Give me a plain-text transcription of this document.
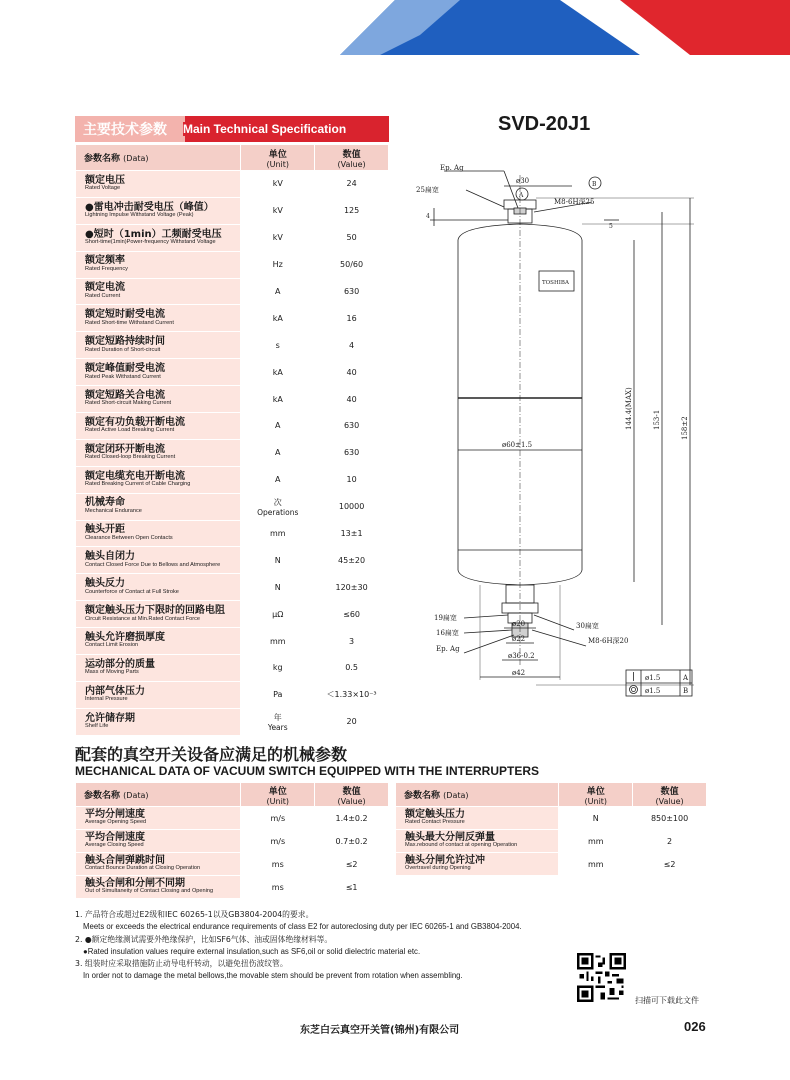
主要技术参数 Main Technical Specification
参数名称 (Data)	单位
(Unit)	数值
(Value)

额定电压
Rated Voltage	kV	24

●雷电冲击耐受电压（峰值）
Lightning Impulse Withstand Voltage (Peak)	kV	125

●短时（1min）工频耐受电压
Short-time(1min)Power-frequency Withstand Voltage	kV	50

额定频率
Rated Frequency	Hz	50/60

额定电流
Rated Current	A	630

额定短时耐受电流
Rated Short-time Withstand Current	kA	16

额定短路持续时间
Rated Duration of Short-circuit	s	4

额定峰值耐受电流
Rated Peak Withstand Current	kA	40

额定短路关合电流
Rated Short-circuit Making Current	kA	40

额定有功负载开断电流
Rated Active Load Breaking Current	A	630

额定闭环开断电流
Rated Closed-loop Breaking Current	A	630

额定电缆充电开断电流
Rated Breaking Current of Cable Charging	A	10

机械寿命
Mechanical Endurance	次
Operations	10000

触头开距
Clearance Between Open Contacts	mm	13±1

触头自闭力
Contact Closed Force Due to Bellows and Atmosphere	N	45±20

触头反力
Counterforce of Contact at Full Stroke	N	120±30

额定触头压力下限时的回路电阻
Circuit Resistance at Min.Rated Contact Force	μΩ	≤60

触头允许磨损厚度
Contact Limit Erosion	mm	3

运动部分的质量
Mass of Moving Parts	kg	0.5

内部气体压力
Internal Pressure	Pa	＜1.33×10⁻³

允许储存期
Shelf Life	年
Years	20
SVD-20J1
Ep. Ag
ø30
A
B
25扁宽
M8-6H深25
4
5
TOSHIBA
ø60±1.5
144.4(MAX)	153-1	158±2
19扁宽
30扁宽
ø20
16扁宽
M8-6H深20
ø22
Ep. Ag
ø36-0.2
ø42
ø1.5
ø1.5
A
B
配套的真空开关设备应满足的机械参数
MECHANICAL DATA OF VACUUM SWITCH EQUIPPED WITH THE INTERRUPTERS
参数名称 (Data)	单位
(Unit)	数值
(Value)

平均分闸速度
Average Opening Speed	m/s	1.4±0.2

平均合闸速度
Average Closing Speed	m/s	0.7±0.2

触头合闸弹跳时间
Contact Bounce Duration at Closing Operation	ms	≤2

触头合闸和分闸不同期
Out of Simultaneity of Contact Closing and Opening	ms	≤1
参数名称 (Data)	单位
(Unit)	数值
(Value)

额定触头压力
Rated Contact Pressure	N	850±100

触头最大分闸反弹量
Max.rebound of contact at opening Operation	mm	2

触头分闸允许过冲
Overtravel during Opening	mm	≤2
1. 产品符合或超过E2级和IEC 60265-1以及GB3804-2004的要求。
Meets or exceeds the electrical endurance requirements of class E2 for autoreclosing duty per IEC 60265-1 and GB3804-2004.
2. ●额定绝缘测试需要外绝缘保护，比如SF6气体、油或固体绝缘材料等。
●Rated insulation values require external insulation,such as SF6,oil or solid dielectric material etc.
3. 组装时应采取措施防止动导电杆转动，以避免扭伤波纹管。
In order not to damage the metal bellows,the movable stem should be prevent from rotation when assembling.
扫描可下载此文件
东芝白云真空开关管(锦州)有限公司	026
